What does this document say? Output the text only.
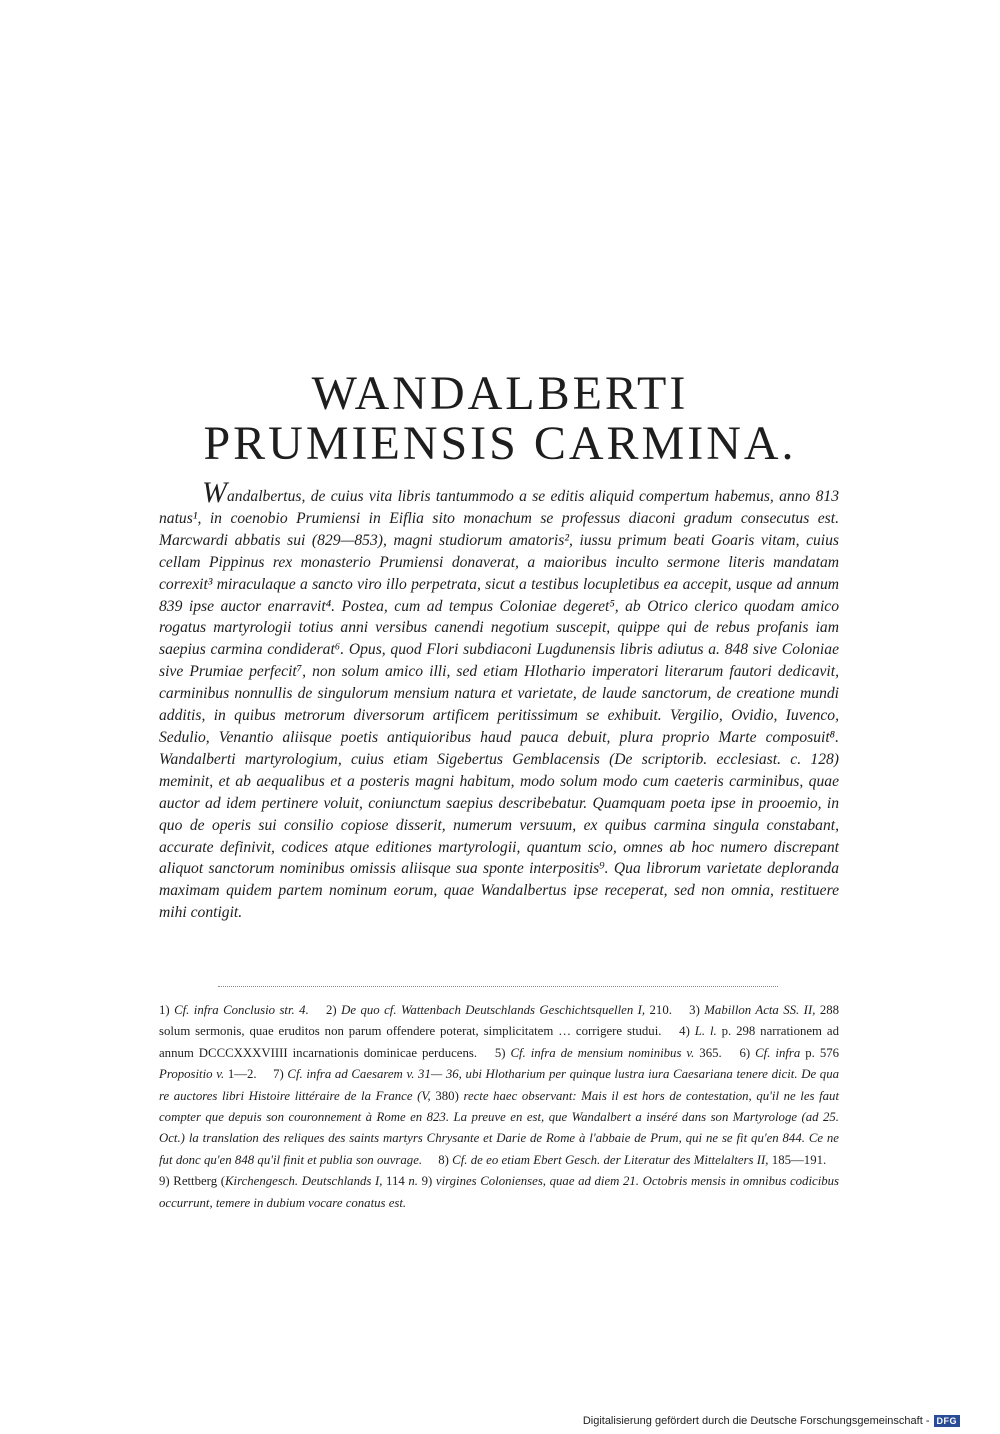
WANDALBERTI
PRUMIENSIS CARMINA.

Wandalbertus, de cuius vita libris tantummodo a se editis aliquid compertum habemus, anno 813 natus¹, in coenobio Prumiensi in Eiflia sito monachum se professus diaconi gradum consecutus est. Marcwardi abbatis sui (829—853), magni studiorum amatoris², iussu primum beati Goaris vitam, cuius cellam Pippinus rex monasterio Prumiensi donaverat, a maioribus inculto sermone literis mandatam correxit³ miraculaque a sancto viro illo perpetrata, sicut a testibus locupletibus ea accepit, usque ad annum 839 ipse auctor enarravit⁴. Postea, cum ad tempus Coloniae degeret⁵, ab Otrico clerico quodam amico rogatus martyrologii totius anni versibus canendi negotium suscepit, quippe qui de rebus profanis iam saepius carmina condiderat⁶. Opus, quod Flori subdiaconi Lugdunensis libris adiutus a. 848 sive Coloniae sive Prumiae perfecit⁷, non solum amico illi, sed etiam Hlothario imperatori literarum fautori dedicavit, carminibus nonnullis de singulorum mensium natura et varietate, de laude sanctorum, de creatione mundi additis, in quibus metrorum diversorum artificem peritissimum se exhibuit. Vergilio, Ovidio, Iuvenco, Sedulio, Venantio aliisque poetis antiquioribus haud pauca debuit, plura proprio Marte composuit⁸. Wandalberti martyrologium, cuius etiam Sigebertus Gemblacensis (De scriptorib. ecclesiast. c. 128) meminit, et ab aequalibus et a posteris magni habitum, modo solum modo cum caeteris carminibus, quae auctor ad idem pertinere voluit, coniunctum saepius describebatur. Quamquam poeta ipse in prooemio, in quo de operis sui consilio copiose disserit, numerum versuum, ex quibus carmina singula constabant, accurate definivit, codices atque editiones martyrologii, quantum scio, omnes ab hoc numero discrepant aliquot sanctorum nominibus omissis aliisque sua sponte interpositis⁹. Qua librorum varietate deploranda maximam quidem partem nominum eorum, quae Wandalbertus ipse receperat, sed non omnia, restituere mihi contigit.

1) Cf. infra Conclusio str. 4.  2) De quo cf. Wattenbach Deutschlands Geschichtsquellen I, 210.  3) Mabillon Acta SS. II, 288 solum sermonis, quae eruditos non parum offendere poterat, simplicitatem … corrigere studui.  4) L. l. p. 298 narrationem ad annum DCCCXXXVIIII incarnationis dominicae perducens.  5) Cf. infra de mensium nominibus v. 365.  6) Cf. infra p. 576 Propositio v. 1—2.  7) Cf. infra ad Caesarem v. 31— 36, ubi Hlotharium per quinque lustra iura Caesariana tenere dicit. De qua re auctores libri Histoire littéraire de la France (V, 380) recte haec observant: Mais il est hors de contestation, qu'il ne les faut compter que depuis son couronnement à Rome en 823. La preuve en est, que Wandalbert a inséré dans son Martyrologe (ad 25. Oct.) la translation des reliques des saints martyrs Chrysante et Darie de Rome à l'abbaie de Prum, qui ne se fit qu'en 844. Ce ne fut donc qu'en 848 qu'il finit et publia son ouvrage.  8) Cf. de eo etiam Ebert Gesch. der Literatur des Mittelalters II, 185—191.  9) Rettberg (Kirchengesch. Deutschlands I, 114 n. 9) virgines Colonienses, quae ad diem 21. Octobris mensis in omnibus codicibus occurrunt, temere in dubium vocare conatus est. 

Digitalisierung gefördert durch die Deutsche Forschungsgemeinschaft - DFG
